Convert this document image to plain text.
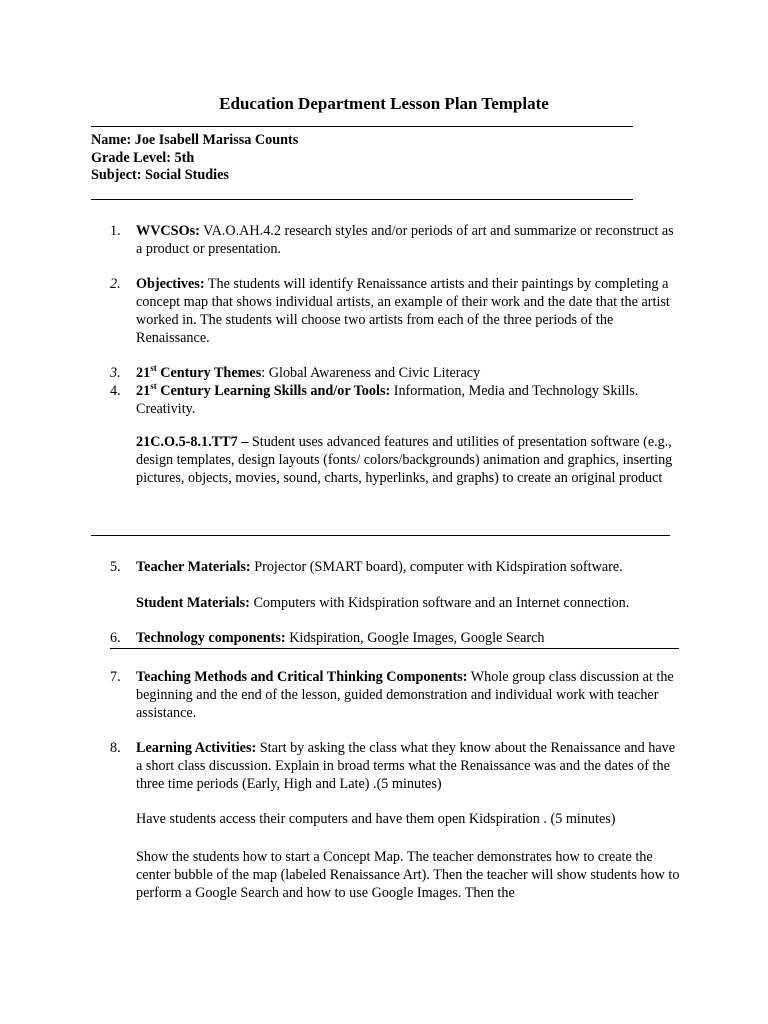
Education Department Lesson Plan Template
Name: Joe Isabell Marissa Counts
Grade Level: 5th
Subject: Social Studies
1.	WVCSOs: VA.O.AH.4.2 research styles and/or periods of art and summarize or reconstruct as a product or presentation.
2.	Objectives: The students will identify Renaissance artists and their paintings by completing a concept map that shows individual artists, an example of their work and the date that the artist worked in. The students will choose two artists from each of the three periods of the Renaissance.
3.	21st Century Themes: Global Awareness and Civic Literacy
4.	21st Century Learning Skills and/or Tools: Information, Media and Technology Skills. Creativity.
21C.O.5-8.1.TT7 – Student uses advanced features and utilities of presentation software (e.g., design templates, design layouts (fonts/ colors/backgrounds) animation and graphics, inserting pictures, objects, movies, sound, charts, hyperlinks, and graphs) to create an original product
5.	Teacher Materials: Projector (SMART board), computer with Kidspiration software.
Student Materials: Computers with Kidspiration software and an Internet connection.
6.	Technology components: Kidspiration, Google Images, Google Search
7.	Teaching Methods and Critical Thinking Components: Whole group class discussion at the beginning and the end of the lesson, guided demonstration and individual work with teacher assistance.
8.	Learning Activities: Start by asking the class what they know about the Renaissance and have a short class discussion. Explain in broad terms what the Renaissance was and the dates of the three time periods (Early, High and Late) .(5 minutes)
Have students access their computers and have them open Kidspiration . (5 minutes)
Show the students how to start a Concept Map. The teacher demonstrates how to create the center bubble of the map (labeled Renaissance Art). Then the teacher will show students how to perform a Google Search and how to use Google Images. Then the
